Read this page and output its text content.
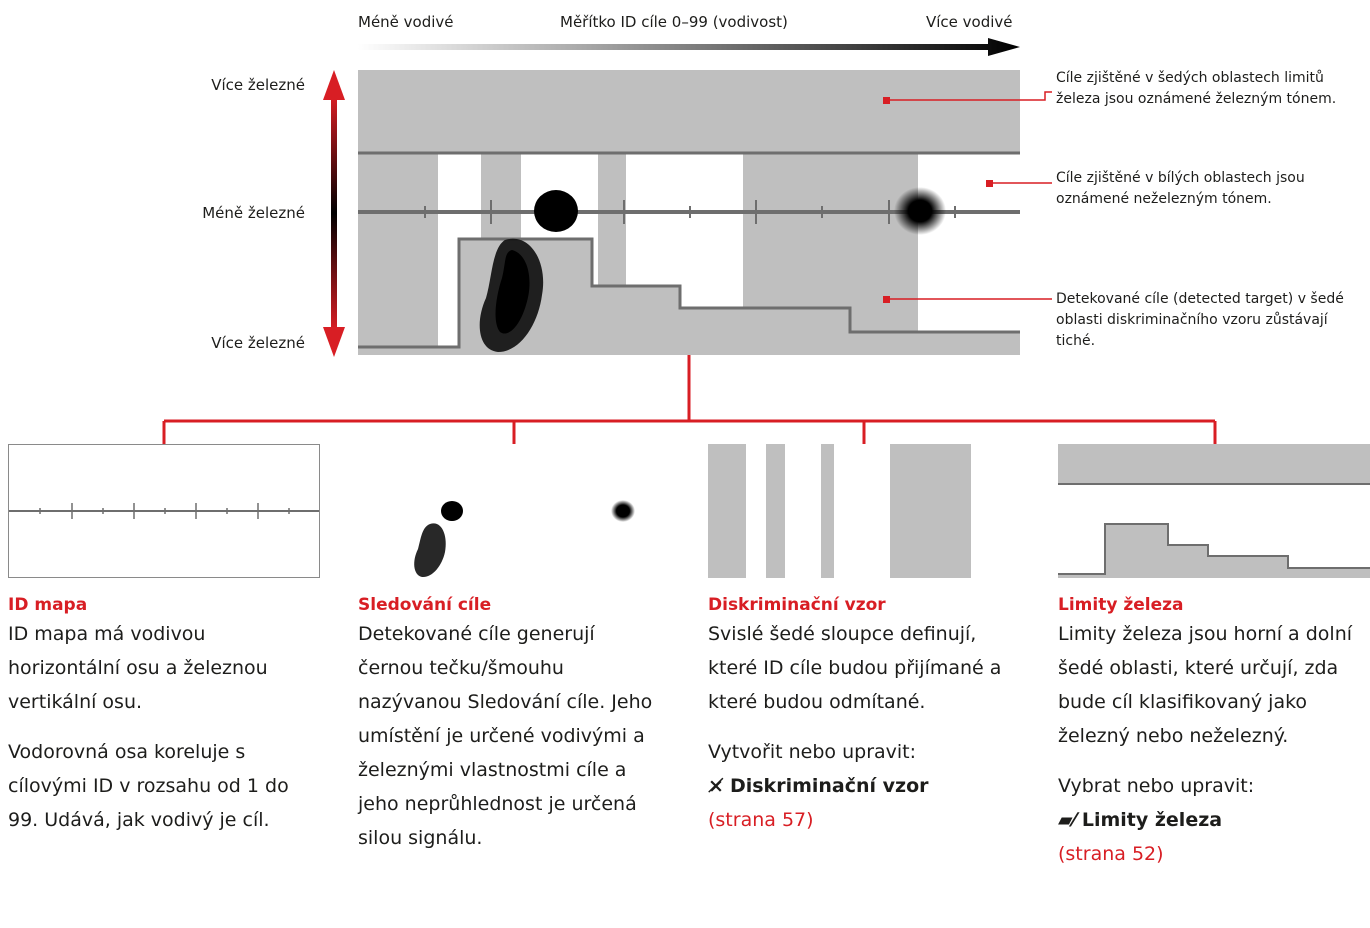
Méně vodivé	Měřítko ID cíle 0–99 (vodivost)	Více vodivé
Více železné
Méně železné
Více železné
Cíle zjištěné v šedých oblastech limitů železa jsou oznámené železným tónem.
Cíle zjištěné v bílých oblastech jsou oznámené neželezným tónem.
Detekované cíle (detected target) v šedé oblasti diskriminačního vzoru zůstávají tiché.
ID mapa

ID mapa má vodivou horizontální osu a železnou vertikální osu.

Vodorovná osa koreluje s cílovými ID v rozsahu od 1 do 99. Udává, jak vodivý je cíl.

Sledování cíle

Detekované cíle generují černou tečku/šmouhu nazývanou Sledování cíle. Jeho umístění je určené vodivými a železnými vlastnostmi cíle a jeho neprůhlednost je určená silou signálu.

Diskriminační vzor

Svislé šedé sloupce definují, které ID cíle budou přijímané a které budou odmítané.

Vytvořit nebo upravit:
⨯̸ Diskriminační vzor
(strana 57)

Limity železa

Limity železa jsou horní a dolní šedé oblasti, které určují, zda bude cíl klasifikovaný jako železný nebo neželezný.

Vybrat nebo upravit:
▰⁄ Limity železa
(strana 52)
